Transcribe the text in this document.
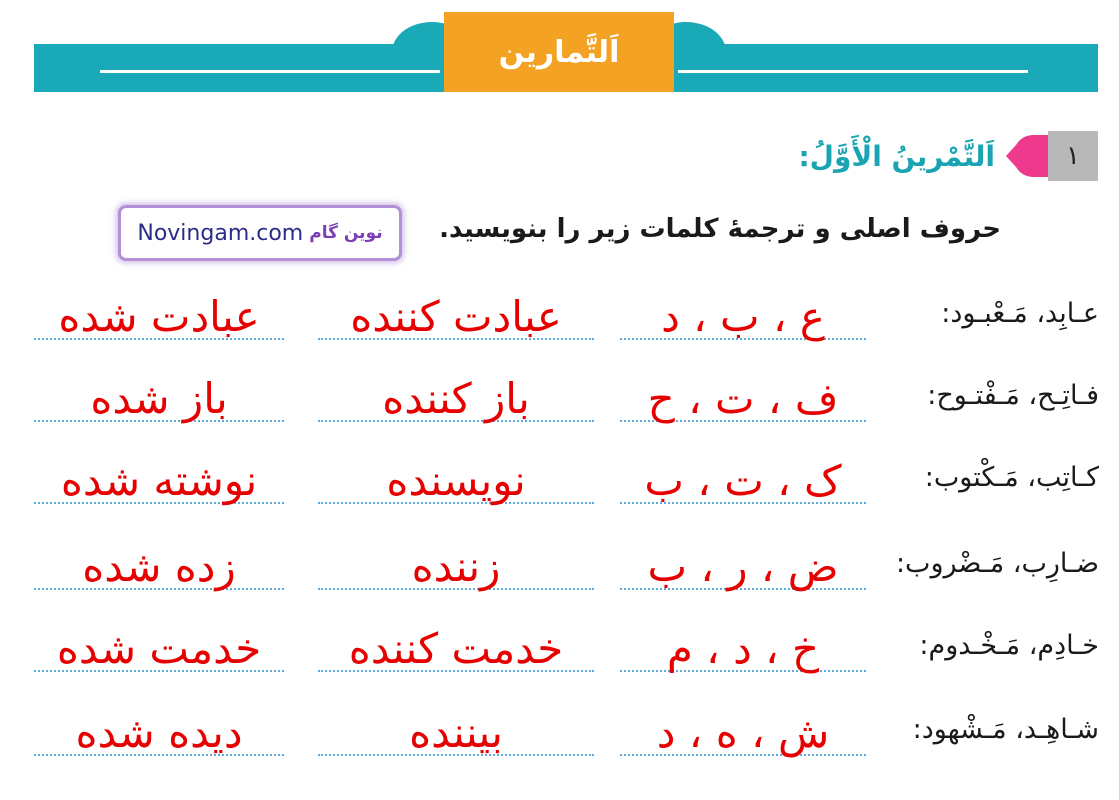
اَلتَّمارين
١
اَلتَّمْرينُ الْأَوَّلُ:
حروف اصلی و ترجمۀ کلمات زیر را بنویسید.
Novingam.com نوین گام
عبادت شده	عبادت کننده	ع ، ب ، د	عـابِد، مَـعْبـود:
باز شده	باز کننده	ف ، ت ، ح	فـاتِـح، مَـفْتـوح:
نوشته شده	نویسنده	ک ، ت ، ب	کـاتِب، مَـكْتوب:
زده شده	زننده	ض ، ر ، ب	ضـارِب، مَـضْروب:
خدمت شده	خدمت کننده	خ ، د ، م	خـادِم، مَـخْـدوم:
دیده شده	بیننده	ش ، ه ، د	شـاهِـد، مَـشْهود:
